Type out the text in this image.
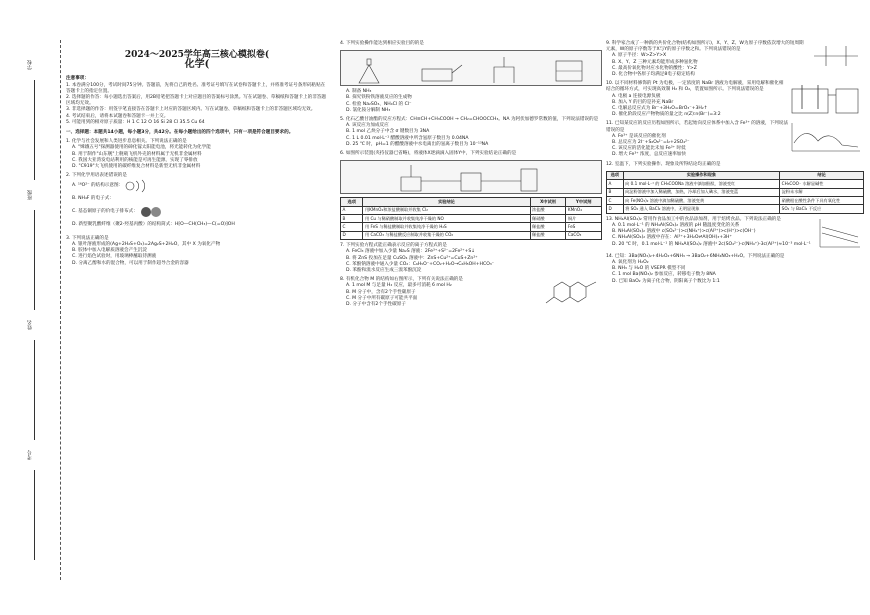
学校
班级
姓名
考号
2024～2025学年高三核心模拟卷(
化学(
注意事项：

1. 本卷满分100分，考试时间75分钟。答题前，先将自己的姓名、准考证号填写在试卷和答题卡上，并将准考证号条形码粘贴在答题卡上的指定位置。

2. 选择题的作答：每小题选出答案后，用2B铅笔把答题卡上对应题目的答案标号涂黑。写在试题卷、草稿纸和答题卡上的非答题区域均无效。

3. 非选择题的作答：用签字笔直接答在答题卡上对应的答题区域内。写在试题卷、草稿纸和答题卡上的非答题区域均无效。

4. 考试结束后，请将本试题卷和答题卡一并上交。

5. 可能用到的相对原子质量：H 1 C 12 O 16 Si 28 Cl 35.5 Cu 64

一、选择题：本题共14小题，每小题3分，共42分。在每小题给出的四个选项中，只有一项是符合题目要求的。

1. 化学与社会发展和人类进步息息相关。下列说法正确的是

A. "嫦娥五号"探测器使用的砷化镓太阳能电池，将光能转化为化学能

B. 用于制作"山东舰"上舰载飞机外壳的材料属于无机非金属材料

C. 我国大亚湾发电站利用的核能是可再生能源，实现了零排放

D. "C919"大飞机使用的碳纤维复合材料是新型无机非金属材料

2. 下列化学用语表述错误的是

A. ¹⁶O²⁻ 的结构示意图：

B. NH₄F 的电子式：

C. 基态铜原子的价电子排布式：

D. 新型聚乳酸纤维（聚2-羟基丙酸）的结构简式：H⁅O—CH(CH₃)—C(=O)⁆OH

3. 下列说法正确的是

A. 银叶溶液形成的(Ag+2H₂S+O₂)=2Ag₂S+2H₂O，其中 X 为氧化产物

B. 胶体中加入电解质溶液会产生沉淀

C. 进行焰色试验时，用玻璃棒蘸取待测液

D. 分离乙醇和水的混合物，可以用于制作超导合金的容器

4. 下列实验操作能达到相应实验目的的是

A. 制备 NH₃

B. 探究铁粉铁溶液反应的生成物

C. 检验 Na₂SO₃、NH₄Cl 的 Cl⁻

D. 氯化铵分解制 NH₃

5. 化石乙酸甘油酯的反应方程式：CH≡CH+CH₃COOH → CH₂=CHOOCCH₃。NA 为阿伏加德罗常数的值，下列说法错误的是

A. 该反应为加成反应

B. 1 mol 乙炔分子中含 σ 键数目为 3NA

C. 1 L 0.01 mol·L⁻¹ 醋酸溶液中所含氢原子数目为 0.04NA

D. 25 ℃ 时，pH=1 的醋酸溶液中水电离出的氢离子数目为 10⁻¹³NA

6. 如图所示装置(夹持仪器已省略)，将液体X逐滴滴入固体Y中，下列实验结论正确的是

选项	实验结论	X中试剂	Y中试剂
A	用KMnO₄和浓盐酸制取并收集 Cl₂	浓盐酸	KMnO₄
B	用 Cu 与稀硝酸制取并收集纯净干燥的 NO	稀硝酸	铜片
C	用 FeS 与稀盐酸制取并收集纯净干燥的 H₂S	稀盐酸	FeS
D	用 CaCO₃ 与稀盐酸反应制取并收集干燥的 CO₂	稀盐酸	CaCO₃

7. 下列实验方程式能正确表示反应的离子方程式的是

A. FeCl₃ 溶液中加入少量 Na₂S 溶液：2Fe³⁺+S²⁻=2Fe²⁺+S↓

B. 将 ZnS 投加在足量 CuSO₄ 溶液中：ZnS+Cu²⁺=CuS+Zn²⁺

C. 苯酚钠溶液中通入少量 CO₂：C₆H₅O⁻+CO₂+H₂O→C₆H₅OH+HCO₃⁻

D. 苯酚和溴水反应生成三溴苯酚沉淀

8. 有机化合物 M 的结构如右图所示，下列有关说法正确的是

A. 1 mol M 与足量 H₂ 反应，最多可消耗 6 mol H₂

B. M 分子中，含有2个手性碳原子

C. M 分子中所有碳原子可能共平面

D. 分子中含有2个手性碳原子

9. 科学家合成了一种新的共价化合物(结构如图所示)，X、Y、Z、W为原子序数依次增大的短周期元素，W的原子序数等于X与Y的原子序数之和。下列说法错误的是

A. 原子半径：W>Z>Y>X

B. X、Y、Z 三种元素均能形成多种氢化物

C. 最高价氧化物对应水化物的酸性：Y>Z

D. 化合物中各原子均满足8电子稳定结构

10. 以不同材料修饰的 Pt 为电极，一定浓度的 NaBr 溶液为电解液，采用电解和催化相结合的循环方式，可实现高效制 H₂ 和 O₂，装置如图所示。下列说法错误的是

A. 电极 a 连接电源负极

B. 加入 Y 的目的是补充 NaBr

C. 电解总反应式为 Br⁻+3H₂O=BrO₃⁻+3H₂↑

D. 催化阶段反应产物物质的量之比 n(Z):n(Br⁻)=3:2

11. 已知某反应的反应历程如图所示，若起始向反应体系中加入含 Fe³⁺ 的溶液，下列说法错误的是

A. Fe³⁺ 是该反应的催化剂

B. 总反应为 2I⁻+S₂O₈²⁻=I₂+2SO₄²⁻

C. 该反应的活化能比未加 Fe³⁺ 时低

D. 增大 Fe³⁺ 浓度，总反应速率加快

12. 室温下，下列实验操作、现象及所得结论均正确的是

选项	实验操作和现象	结论
A	向 0.1 mol·L⁻¹ 的 CH₃COONa 溶液中滴加酚酞，溶液变红	CH₃COO⁻ 水解显碱性
B	向淀粉溶液中加入稀硫酸，加热，冷却后加入碘水，溶液变蓝	淀粉未水解
C	向 Fe(NO₃)₂ 溶液中滴加稀硫酸，溶液变黄	硝酸根在酸性条件下具有氧化性
D	将 SO₂ 通入 BaCl₂ 溶液中，无明显现象	SO₂ 与 BaCl₂ 不反应

13. NH₄Al(SO₄)₂ 常用作食品加工中的食品添加剂，用于焙烤食品。下列说法正确的是

A. 0.1 mol·L⁻¹ 的 NH₄Al(SO₄)₂ 溶液的 pH 随温度变化的关系

B. NH₄Al(SO₄)₂ 溶液中 c(SO₄²⁻)>c(NH₄⁺)>c(Al³⁺)>c(H⁺)>c(OH⁻)

C. NH₄Al(SO₄)₂ 溶液中存在：Al³⁺+3H₂O⇌Al(OH)₃+3H⁺

D. 20 ℃ 时，0.1 mol·L⁻¹ 的 NH₄Al(SO₄)₂ 溶液中 2c(SO₄²⁻)-c(NH₄⁺)-3c(Al³⁺)≈10⁻³ mol·L⁻¹

14. 已知：3Ba(NO₃)₂+4H₂O₂+6NH₃ → 3BaO₂+6NH₄NO₃+H₂O。下列说法正确的是

A. 氧化剂为 H₂O₂

B. NH₃ 与 H₂O 的 VSEPR 模型不同

C. 1 mol Ba(NO₃)₂ 参加反应，转移电子数为 8NA

D. 已知 BaO₂ 为离子化合物，阴阳离子个数比为 1:1
